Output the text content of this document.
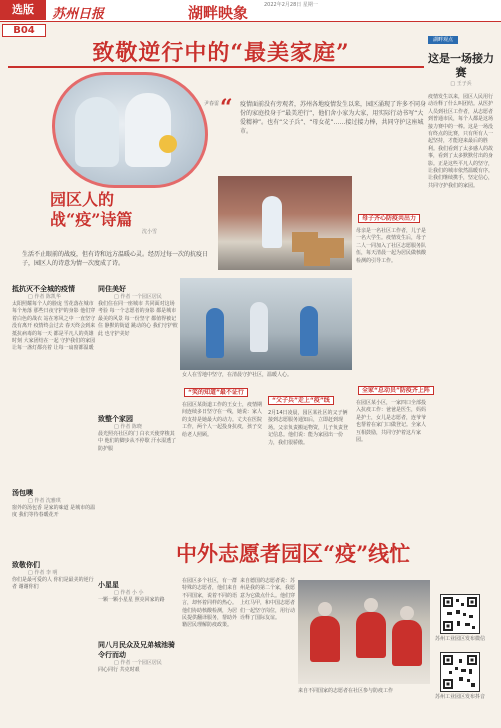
选版	苏州日报	湖畔映象	2022年2月28日 星期一
B04
致敬逆行中的“最美家庭”
尹春雷 “ 疫情面前没有旁观者，苏州各地疫情发生以来，园区涌现了许多不同身份的家庭投身于“最美逆行”，他们舍小家为大家，用实际行动书写“大爱精神”。也有“父子兵”、“母女花”……接过接力棒，共同守护这座城市。
园区人的
战“疫”诗篇
沈小雪
生活不止眼前的战疫，但有诗和远方温暖心灵。经历过每一次的抗疫日子，园区人的诗意为情一次度成了诗。
抵抗灭不全城的疫情
□ 作者 陈凯华
太阳照耀每个人的脸庞 雪花落在城市每个角落 那些日夜守护的身影 他们穿着白色的战衣 站在寒风之中 一直坚守 没有离开 疫情终会过去 春天终会到来 抵抗病毒的每一天 都是平凡人的英雄时刻 大家团结在一起 守护我们的家园 让每一盏灯都亮着 让每一扇窗都温暖
同住美好
□ 作者 一个园区居民
我们住在同一座城市 共同面对这场考验 每一个志愿者的身影 都是城市最美的风景 每一份坚守 都值得被记住 静默的街道 跳动的心 我们守护彼此 也守护美好
致整个家园
□ 作者 陈晓
晨光照亮社区的门 白衣天使穿梭其中 他们的脚步从不停歇 汗水湿透了防护服
汤包噢
□ 作者 沈雅琪
窗外的汤包香 是家的味道 是城市的温度 我们等待春暖花开
致敬你们
□ 作者 李 明
你们是最可爱的人 你们是最美的逆行者 谢谢你们	小星星
□ 作者 小 小
一颗一颗小星星 照亮回家的路
同八月民众及兄弟城池骑令行而动
□ 作者 一个园区居民
同心同行 共克时艰
母子齐心防疫共出力
母亲是一名社区工作者，儿子是一名大学生。疫情发生后，母子二人一同加入了社区志愿服务队伍，每天清晨一起为居民做核酸检测的引导工作。
女人在雪地中坚守，在清晨守护社区，温暖人心。
“笑的知道”最不证行
在园区某街道工作的王女士，疫情期间连续多日坚守在一线，她说：家人的支持是她最大的动力。丈夫在医院工作，两个人一起投身抗疫，孩子交给老人照顾。
“父子兵”走上“疫”线
2月14日凌晨，园区某社区的父子俩接到志愿服务通知后，立即赶到现场。父亲负责搬运物资，儿子负责登记信息。他们说：能为家园出一份力，我们很骄傲。
全家“总动员”防疫齐上阵
在园区某小区，一家四口全部投入抗疫工作：爸爸是医生，妈妈是护士，女儿是志愿者，连爷爷也帮着在家门口做登记。全家人互相鼓励，共同守护着这片家园。
湖畔观点
这是一场接力赛
□ 王子兵
疫情发生以来，园区人民用行动诠释了什么叫团结。从医护人员到社区工作者，从志愿者到普通市民，每个人都是这场接力赛中的一棒。这是一场没有终点的比赛，只有所有人一起坚持，才能迎来最后的胜利。我们看到了太多感人的故事，看到了太多默默付出的身影。正是这些平凡人的坚守，让我们的城市依然温暖有序。让我们继续携手，坚定信心，共同守护我们的家园。
苏州工业园区发布微信
苏州工业园区发布抖音
中外志愿者园区“疫”线忙
在园区多个社区，有一群特殊的志愿者，他们来自不同国家，说着不同的语言，却怀着同样的热心。他们协助核酸检测，为居民提供翻译服务，帮助外籍居民理解防疫政策。
来自德国的志愿者说：苏州是我的第二个家，我愿意为它做点什么。他们穿上红马甲，和中国志愿者们一起坚守岗位，用行动诠释了国际友谊。
来自不同国家的志愿者在社区参与防疫工作
